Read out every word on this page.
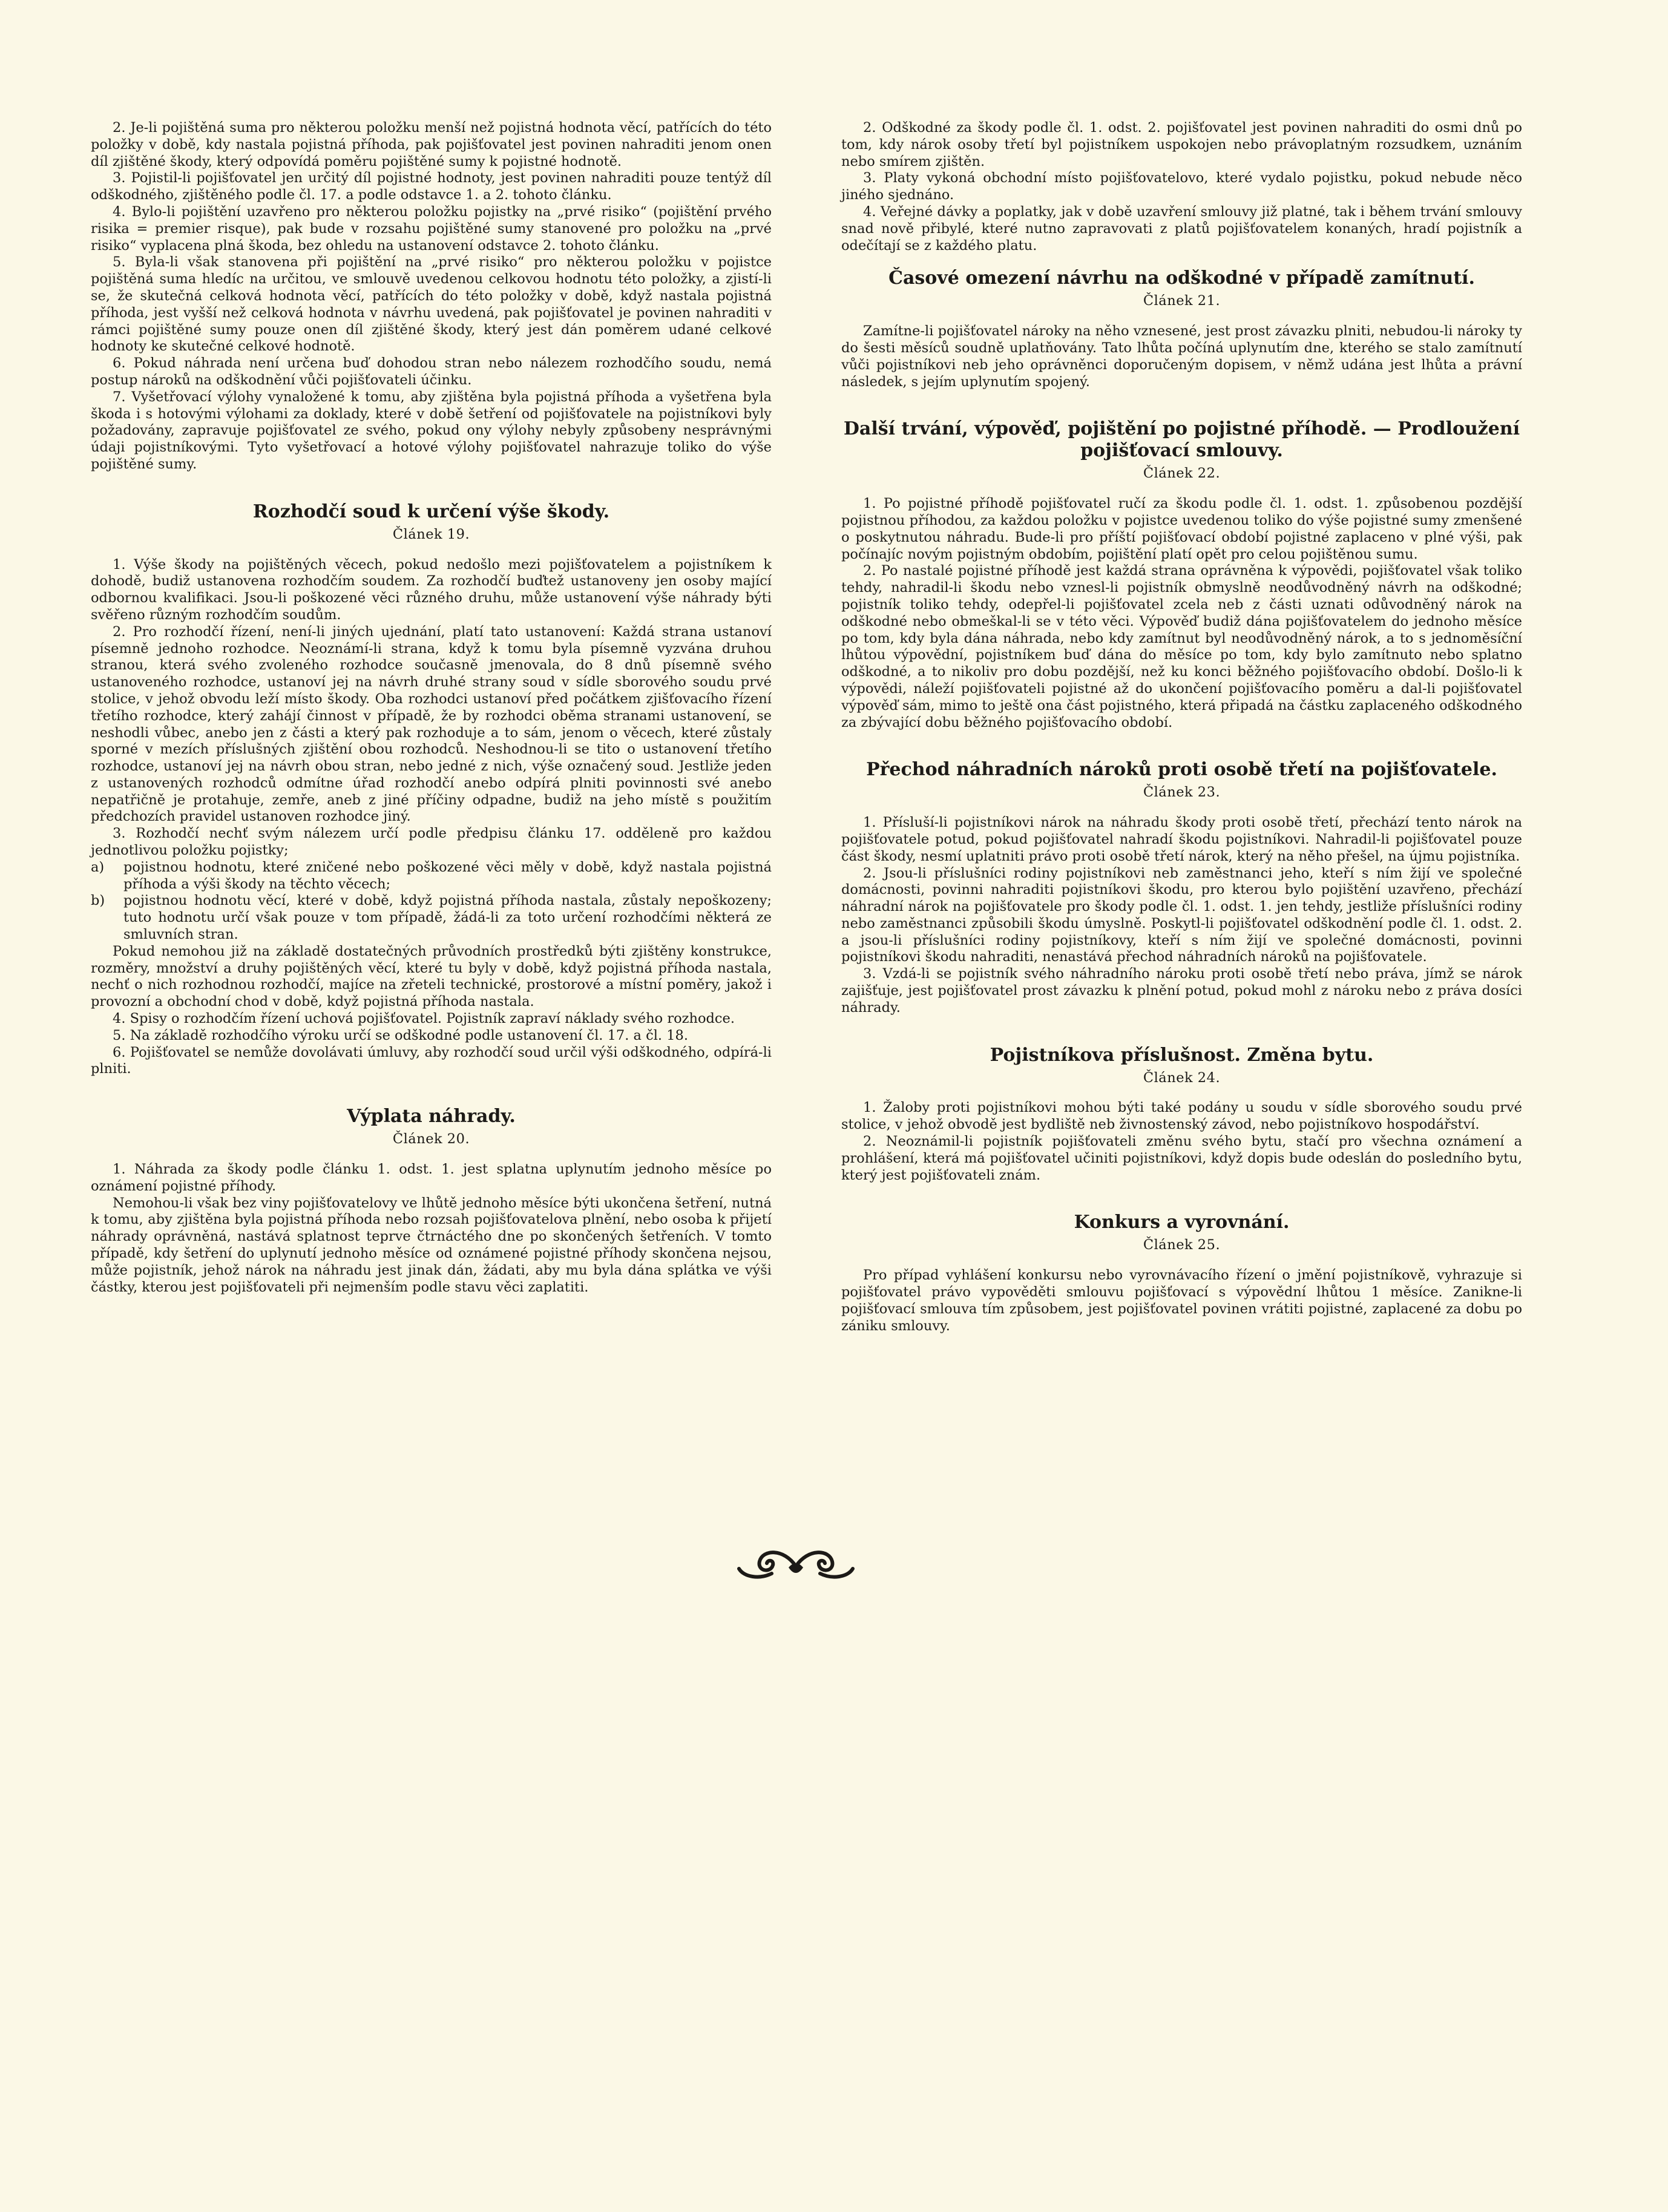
2. Je-li pojištěná suma pro některou položku menší než pojistná hodnota věcí, patřících do této položky v době, kdy nastala pojistná příhoda, pak pojišťovatel jest povinen nahraditi jenom onen díl zjištěné škody, který odpovídá poměru pojištěné sumy k pojistné hodnotě.

3. Pojistil-li pojišťovatel jen určitý díl pojistné hodnoty, jest povinen nahraditi pouze tentýž díl odškodného, zjištěného podle čl. 17. a podle odstavce 1. a 2. tohoto článku.

4. Bylo-li pojištění uzavřeno pro některou položku pojistky na „prvé risiko“ (pojištění prvého risika = premier risque), pak bude v rozsahu pojištěné sumy stanovené pro položku na „prvé risiko“ vyplacena plná škoda, bez ohledu na ustanovení odstavce 2. tohoto článku.

5. Byla-li však stanovena při pojištění na „prvé risiko“ pro některou položku v pojistce pojištěná suma hledíc na určitou, ve smlouvě uvedenou celkovou hodnotu této položky, a zjistí-li se, že skutečná celková hodnota věcí, patřících do této položky v době, když nastala pojistná příhoda, jest vyšší než celková hodnota v návrhu uvedená, pak pojišťovatel je povinen nahraditi v rámci pojištěné sumy pouze onen díl zjištěné škody, který jest dán poměrem udané celkové hodnoty ke skutečné celkové hodnotě.

6. Pokud náhrada není určena buď dohodou stran nebo nálezem rozhodčího soudu, nemá postup nároků na odškodnění vůči pojišťovateli účinku.

7. Vyšetřovací výlohy vynaložené k tomu, aby zjištěna byla pojistná příhoda a vyšetřena byla škoda i s hotovými výlohami za doklady, které v době šetření od pojišťovatele na pojistníkovi byly požadovány, zapravuje pojišťovatel ze svého, pokud ony výlohy nebyly způsobeny nesprávnými údaji pojistníkovými. Tyto vyšetřovací a hotové výlohy pojišťovatel nahrazuje toliko do výše pojištěné sumy.

Rozhodčí soud k určení výše škody.
Článek 19.

1. Výše škody na pojištěných věcech, pokud nedošlo mezi pojišťovatelem a pojistníkem k dohodě, budiž ustanovena rozhodčím soudem. Za rozhodčí buďtež ustanoveny jen osoby mající odbornou kvalifikaci. Jsou-li poškozené věci různého druhu, může ustanovení výše náhrady býti svěřeno různým rozhodčím soudům.

2. Pro rozhodčí řízení, není-li jiných ujednání, platí tato ustanovení: Každá strana ustanoví písemně jednoho rozhodce. Neoznámí-li strana, když k tomu byla písemně vyzvána druhou stranou, která svého zvoleného rozhodce současně jmenovala, do 8 dnů písemně svého ustanoveného rozhodce, ustanoví jej na návrh druhé strany soud v sídle sborového soudu prvé stolice, v jehož obvodu leží místo škody. Oba rozhodci ustanoví před počátkem zjišťovacího řízení třetího rozhodce, který zahájí činnost v případě, že by rozhodci oběma stranami ustanovení, se neshodli vůbec, anebo jen z části a který pak rozhoduje a to sám, jenom o věcech, které zůstaly sporné v mezích příslušných zjištění obou rozhodců. Neshodnou-li se tito o ustanovení třetího rozhodce, ustanoví jej na návrh obou stran, nebo jedné z nich, výše označený soud. Jestliže jeden z ustanovených rozhodců odmítne úřad rozhodčí anebo odpírá plniti povinnosti své anebo nepatřičně je protahuje, zemře, aneb z jiné příčiny odpadne, budiž na jeho místě s použitím předchozích pravidel ustanoven rozhodce jiný.

3. Rozhodčí nechť svým nálezem určí podle předpisu článku 17. odděleně pro každou jednotlivou položku pojistky;

a) pojistnou hodnotu, které zničené nebo poškozené věci měly v době, když nastala pojistná příhoda a výši škody na těchto věcech;

b) pojistnou hodnotu věcí, které v době, když pojistná příhoda nastala, zůstaly nepoškozeny; tuto hodnotu určí však pouze v tom případě, žádá-li za toto určení rozhodčími některá ze smluvních stran.

Pokud nemohou již na základě dostatečných průvodních prostředků býti zjištěny konstrukce, rozměry, množství a druhy pojištěných věcí, které tu byly v době, když pojistná příhoda nastala, nechť o nich rozhodnou rozhodčí, majíce na zřeteli technické, prostorové a místní poměry, jakož i provozní a obchodní chod v době, když pojistná příhoda nastala.

4. Spisy o rozhodčím řízení uchová pojišťovatel. Pojistník zapraví náklady svého rozhodce.

5. Na základě rozhodčího výroku určí se odškodné podle ustanovení čl. 17. a čl. 18.

6. Pojišťovatel se nemůže dovolávati úmluvy, aby rozhodčí soud určil výši odškodného, odpírá-li plniti.

Výplata náhrady.
Článek 20.

1. Náhrada za škody podle článku 1. odst. 1. jest splatna uplynutím jednoho měsíce po oznámení pojistné příhody.

Nemohou-li však bez viny pojišťovatelovy ve lhůtě jednoho měsíce býti ukončena šetření, nutná k tomu, aby zjištěna byla pojistná příhoda nebo rozsah pojišťovatelova plnění, nebo osoba k přijetí náhrady oprávněná, nastává splatnost teprve čtrnáctého dne po skončených šetřeních. V tomto případě, kdy šetření do uplynutí jednoho měsíce od oznámené pojistné příhody skončena nejsou, může pojistník, jehož nárok na náhradu jest jinak dán, žádati, aby mu byla dána splátka ve výši částky, kterou jest pojišťovateli při nejmenším podle stavu věci zaplatiti.

2. Odškodné za škody podle čl. 1. odst. 2. pojišťovatel jest povinen nahraditi do osmi dnů po tom, kdy nárok osoby třetí byl pojistníkem uspokojen nebo právoplatným rozsudkem, uznáním nebo smírem zjištěn.

3. Platy vykoná obchodní místo pojišťovatelovo, které vydalo pojistku, pokud nebude něco jiného sjednáno.

4. Veřejné dávky a poplatky, jak v době uzavření smlouvy již platné, tak i během trvání smlouvy snad nově přibylé, které nutno zapravovati z platů pojišťovatelem konaných, hradí pojistník a odečítají se z každého platu.

Časové omezení návrhu na odškodné v případě zamítnutí.
Článek 21.

Zamítne-li pojišťovatel nároky na něho vznesené, jest prost závazku plniti, nebudou-li nároky ty do šesti měsíců soudně uplatňovány. Tato lhůta počíná uplynutím dne, kterého se stalo zamítnutí vůči pojistníkovi neb jeho oprávněnci doporučeným dopisem, v němž udána jest lhůta a právní následek, s jejím uplynutím spojený.

Další trvání, výpověď, pojištění po pojistné příhodě. — Prodloužení pojišťovací smlouvy.
Článek 22.

1. Po pojistné příhodě pojišťovatel ručí za škodu podle čl. 1. odst. 1. způsobenou pozdější pojistnou příhodou, za každou položku v pojistce uvedenou toliko do výše pojistné sumy zmenšené o poskytnutou náhradu. Bude-li pro příští pojišťovací období pojistné zaplaceno v plné výši, pak počínajíc novým pojistným obdobím, pojištění platí opět pro celou pojištěnou sumu.

2. Po nastalé pojistné příhodě jest každá strana oprávněna k výpovědi, pojišťovatel však toliko tehdy, nahradil-li škodu nebo vznesl-li pojistník obmyslně neodůvodněný návrh na odškodné; pojistník toliko tehdy, odepřel-li pojišťovatel zcela neb z části uznati odůvodněný nárok na odškodné nebo obmeškal-li se v této věci. Výpověď budiž dána pojišťovatelem do jednoho měsíce po tom, kdy byla dána náhrada, nebo kdy zamítnut byl neodůvodněný nárok, a to s jednoměsíční lhůtou výpovědní, pojistníkem buď dána do měsíce po tom, kdy bylo zamítnuto nebo splatno odškodné, a to nikoliv pro dobu pozdější, než ku konci běžného pojišťovacího období. Došlo-li k výpovědi, náleží pojišťovateli pojistné až do ukončení pojišťovacího poměru a dal-li pojišťovatel výpověď sám, mimo to ještě ona část pojistného, která připadá na částku zaplaceného odškodného za zbývající dobu běžného pojišťovacího období.

Přechod náhradních nároků proti osobě třetí na pojišťovatele.
Článek 23.

1. Přísluší-li pojistníkovi nárok na náhradu škody proti osobě třetí, přechází tento nárok na pojišťovatele potud, pokud pojišťovatel nahradí škodu pojistníkovi. Nahradil-li pojišťovatel pouze část škody, nesmí uplatniti právo proti osobě třetí nárok, který na něho přešel, na újmu pojistníka.

2. Jsou-li příslušníci rodiny pojistníkovi neb zaměstnanci jeho, kteří s ním žijí ve společné domácnosti, povinni nahraditi pojistníkovi škodu, pro kterou bylo pojištění uzavřeno, přechází náhradní nárok na pojišťovatele pro škody podle čl. 1. odst. 1. jen tehdy, jestliže příslušníci rodiny nebo zaměstnanci způsobili škodu úmyslně. Poskytl-li pojišťovatel odškodnění podle čl. 1. odst. 2. a jsou-li příslušníci rodiny pojistníkovy, kteří s ním žijí ve společné domácnosti, povinni pojistníkovi škodu nahraditi, nenastává přechod náhradních nároků na pojišťovatele.

3. Vzdá-li se pojistník svého náhradního nároku proti osobě třetí nebo práva, jímž se nárok zajišťuje, jest pojišťovatel prost závazku k plnění potud, pokud mohl z nároku nebo z práva dosíci náhrady.

Pojistníkova příslušnost. Změna bytu.
Článek 24.

1. Žaloby proti pojistníkovi mohou býti také podány u soudu v sídle sborového soudu prvé stolice, v jehož obvodě jest bydliště neb živnostenský závod, nebo pojistníkovo hospodářství.

2. Neoznámil-li pojistník pojišťovateli změnu svého bytu, stačí pro všechna oznámení a prohlášení, která má pojišťovatel učiniti pojistníkovi, když dopis bude odeslán do posledního bytu, který jest pojišťovateli znám.

Konkurs a vyrovnání.
Článek 25.

Pro případ vyhlášení konkursu nebo vyrovnávacího řízení o jmění pojistníkově, vyhrazuje si pojišťovatel právo vypověděti smlouvu pojišťovací s výpovědní lhůtou 1 měsíce. Zanikne-li pojišťovací smlouva tím způsobem, jest pojišťovatel povinen vrátiti pojistné, zaplacené za dobu po zániku smlouvy.
